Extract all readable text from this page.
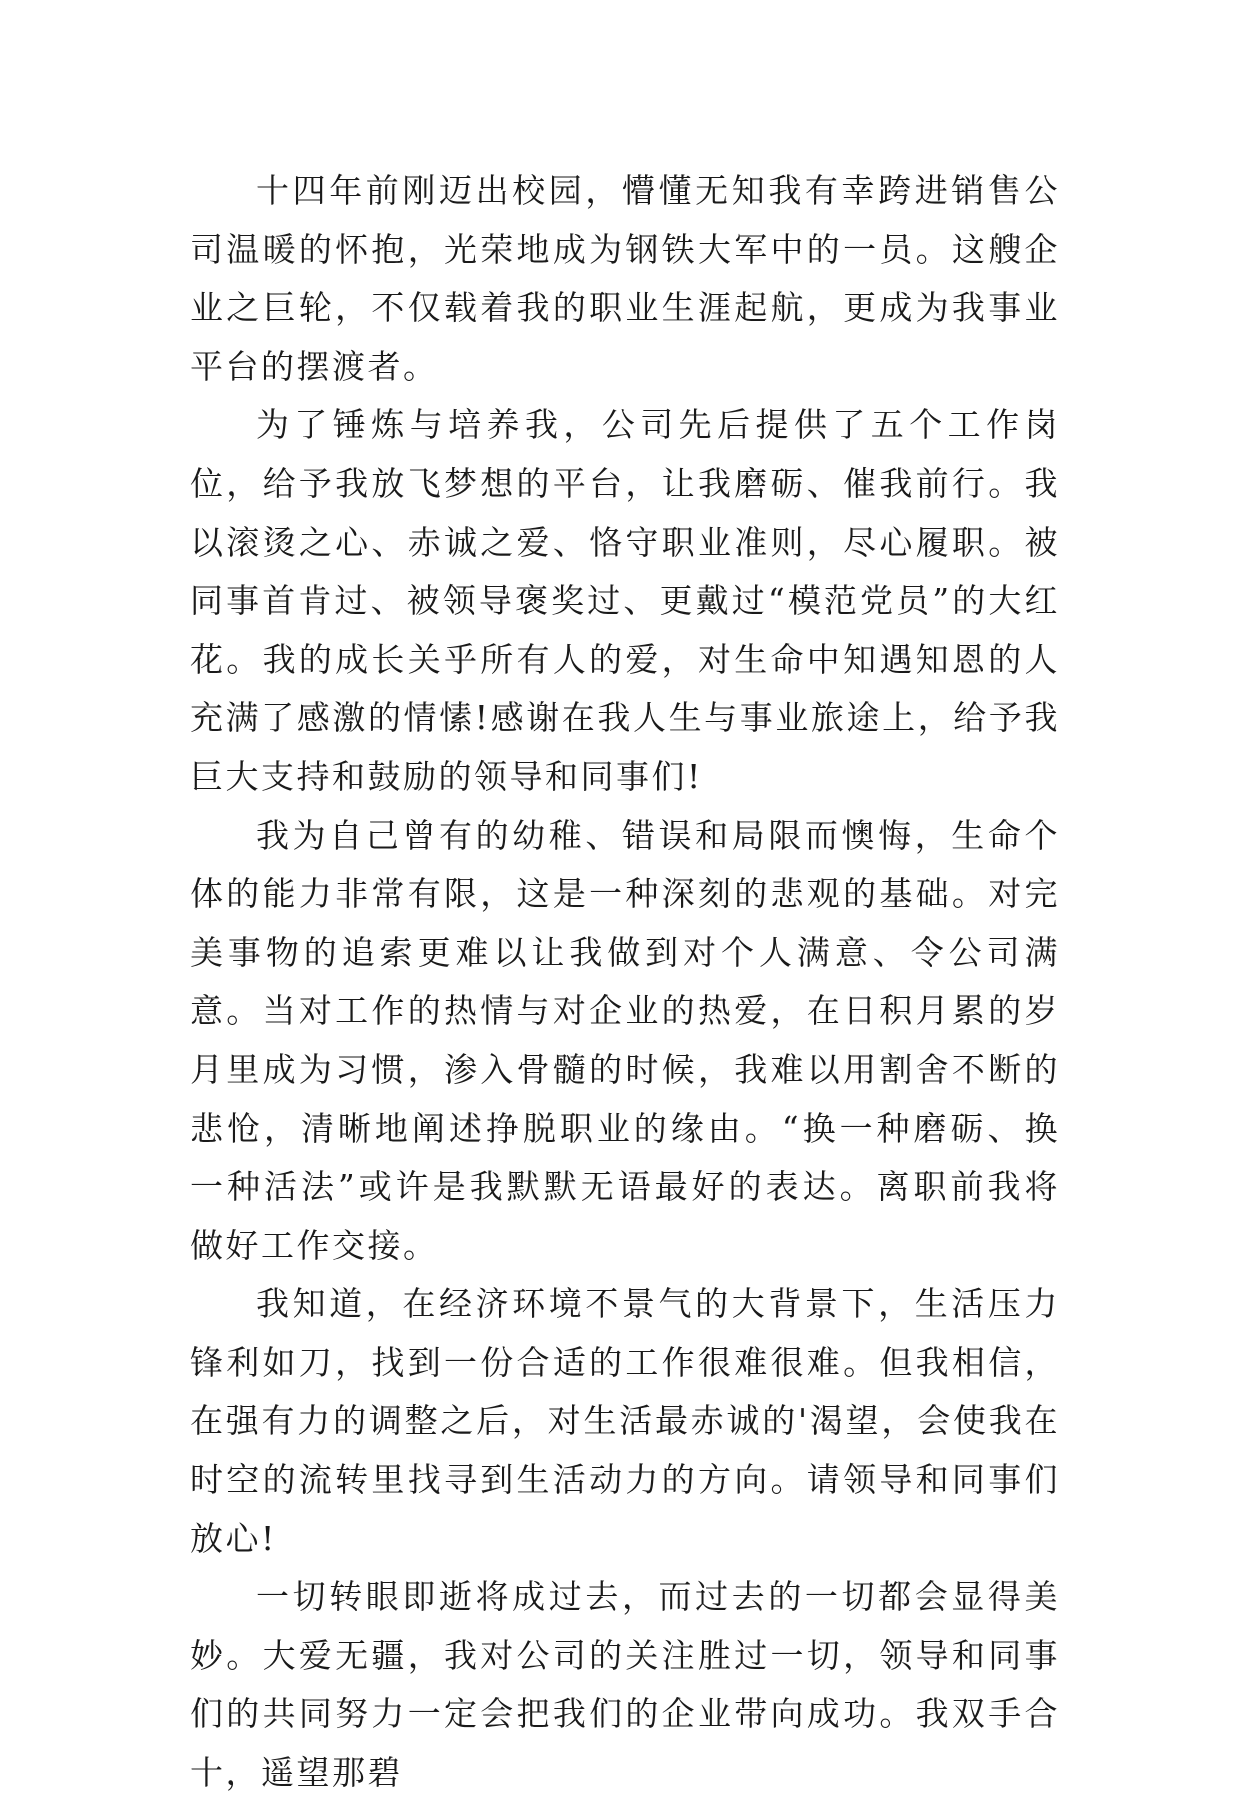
十四年前刚迈出校园，懵懂无知我有幸跨进销售公司温暖的怀抱，光荣地成为钢铁大军中的一员。这艘企业之巨轮，不仅载着我的职业生涯起航，更成为我事业平台的摆渡者。

为了锤炼与培养我，公司先后提供了五个工作岗位，给予我放飞梦想的平台，让我磨砺、催我前行。我以滚烫之心、赤诚之爱、恪守职业准则，尽心履职。被同事首肯过、被领导褒奖过、更戴过“模范党员”的大红花。我的成长关乎所有人的爱，对生命中知遇知恩的人充满了感激的情愫!感谢在我人生与事业旅途上，给予我巨大支持和鼓励的领导和同事们!

我为自己曾有的幼稚、错误和局限而懊悔，生命个体的能力非常有限，这是一种深刻的悲观的基础。对完美事物的追索更难以让我做到对个人满意、令公司满意。当对工作的热情与对企业的热爱，在日积月累的岁月里成为习惯，渗入骨髓的时候，我难以用割舍不断的悲怆，清晰地阐述挣脱职业的缘由。“换一种磨砺、换一种活法”或许是我默默无语最好的表达。离职前我将做好工作交接。

我知道，在经济环境不景气的大背景下，生活压力锋利如刀，找到一份合适的工作很难很难。但我相信，在强有力的调整之后，对生活最赤诚的'渴望，会使我在时空的流转里找寻到生活动力的方向。请领导和同事们放心!

一切转眼即逝将成过去，而过去的一切都会显得美妙。大爱无疆，我对公司的关注胜过一切，领导和同事们的共同努力一定会把我们的企业带向成功。我双手合十，遥望那碧
